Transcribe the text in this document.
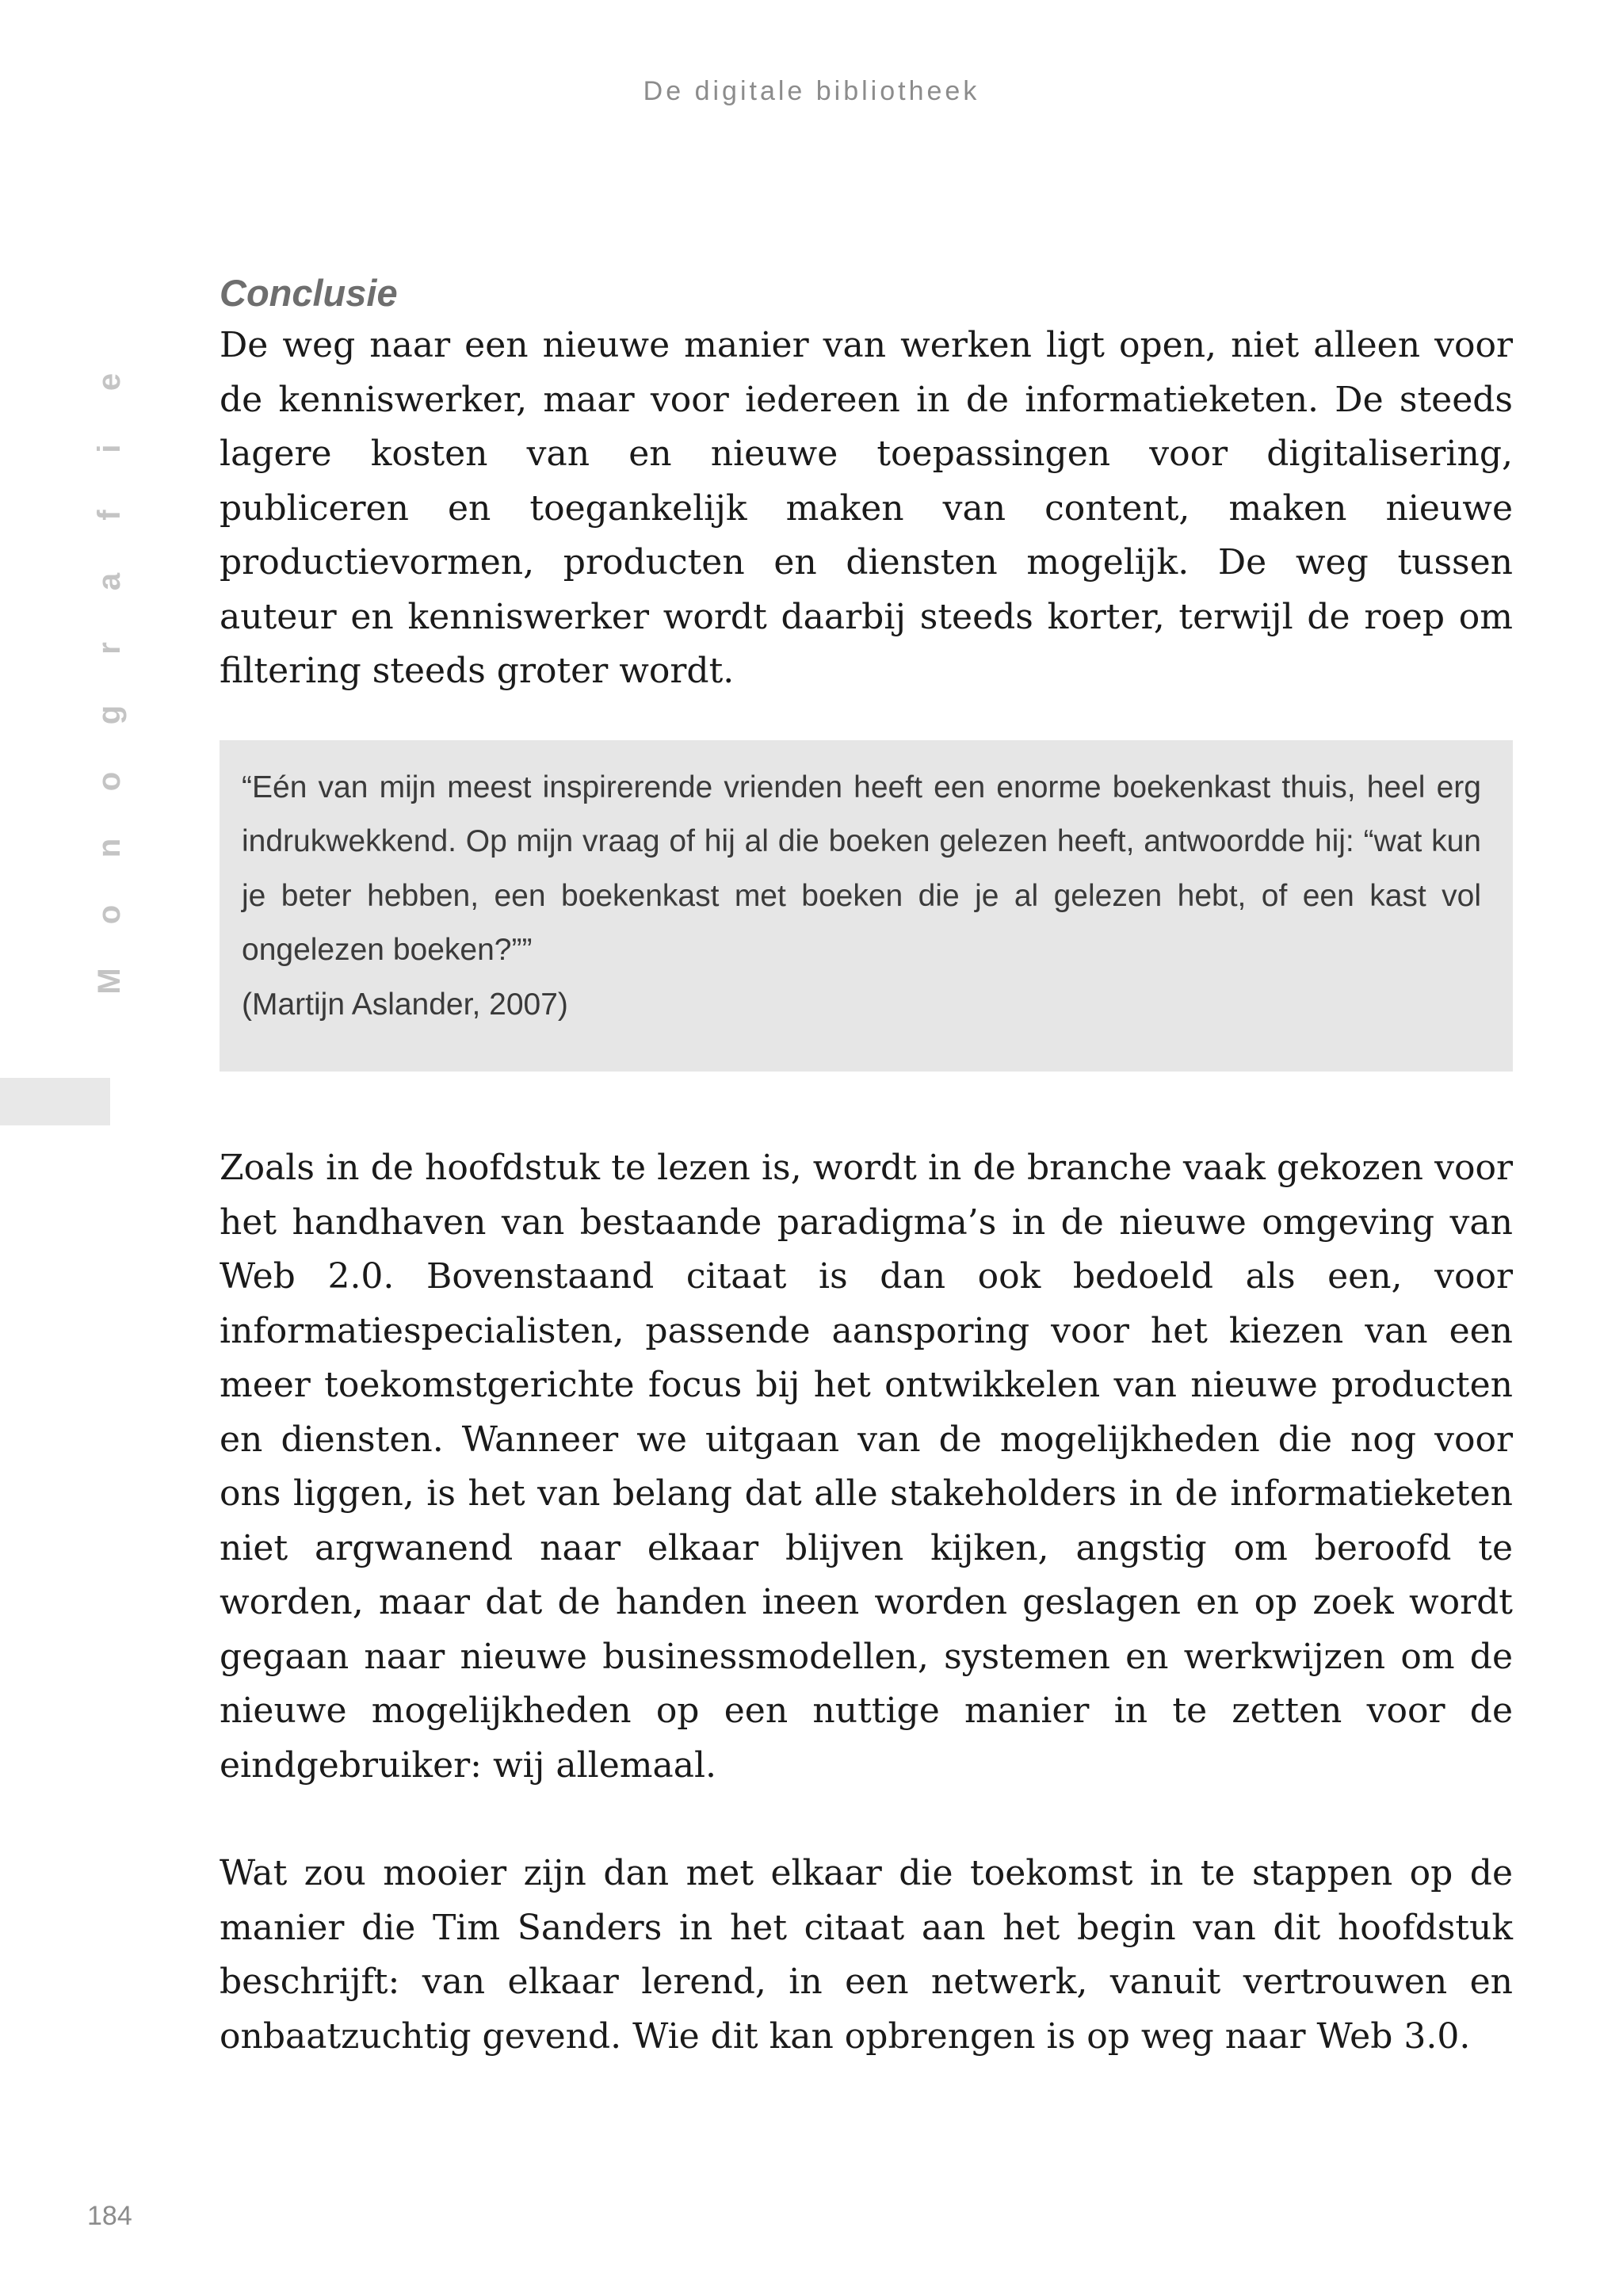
De digitale bibliotheek
e
i
f
a
r
g
o
n
o
M
Conclusie

De weg naar een nieuwe manier van werken ligt open, niet alleen voor de kenniswerker, maar voor iedereen in de informatieketen. De steeds lagere kosten van en nieuwe toepassingen voor digitalisering, publiceren en toegankelijk maken van content, maken nieuwe productievormen, producten en diensten mogelijk. De weg tussen auteur en kenniswerker wordt daarbij steeds korter, terwijl de roep om filtering steeds groter wordt.

“Eén van mijn meest inspirerende vrienden heeft een enorme boekenkast thuis, heel erg indrukwekkend. Op mijn vraag of hij al die boeken gelezen heeft, antwoordde hij: “wat kun je beter hebben, een boekenkast met boeken die je al gelezen hebt, of een kast vol ongelezen boeken?””

(Martijn Aslander, 2007)

Zoals in de hoofdstuk te lezen is, wordt in de branche vaak gekozen voor het handhaven van bestaande paradigma’s in de nieuwe omgeving van Web 2.0. Bovenstaand citaat is dan ook bedoeld als een, voor informatiespecialisten, passende aansporing voor het kiezen van een meer toekomstgerichte focus bij het ontwikkelen van nieuwe producten en diensten. Wanneer we uitgaan van de mogelijkheden die nog voor ons liggen, is het van belang dat alle stakeholders in de informatieketen niet argwanend naar elkaar blijven kijken, angstig om beroofd te worden, maar dat de handen ineen worden geslagen en op zoek wordt gegaan naar nieuwe businessmodellen, systemen en werkwijzen om de nieuwe mogelijkheden op een nuttige manier in te zetten voor de eindgebruiker: wij allemaal.

Wat zou mooier zijn dan met elkaar die toekomst in te stappen op de manier die Tim Sanders in het citaat aan het begin van dit hoofdstuk beschrijft: van elkaar lerend, in een netwerk, vanuit vertrouwen en onbaatzuchtig gevend. Wie dit kan opbrengen is op weg naar Web 3.0.

184
